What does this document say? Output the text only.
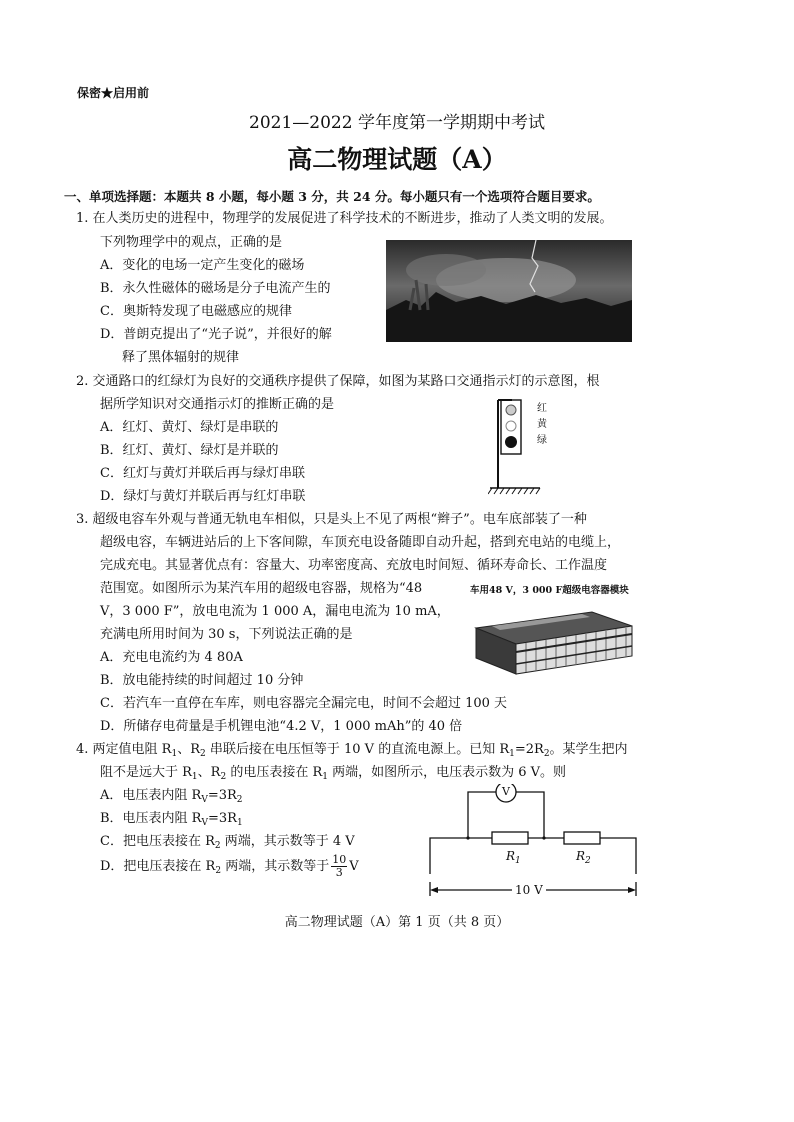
保密★启用前
2021—2022 学年度第一学期期中考试
高二物理试题（A）
一、单项选择题：本题共 8 小题，每小题 3 分，共 24 分。每小题只有一个选项符合题目要求。
1. 在人类历史的进程中，物理学的发展促进了科学技术的不断进步，推动了人类文明的发展。
下列物理学中的观点，正确的是
A．变化的电场一定产生变化的磁场
B．永久性磁体的磁场是分子电流产生的
C．奥斯特发现了电磁感应的规律
D．普朗克提出了“光子说”，并很好的解
释了黑体辐射的规律
2. 交通路口的红绿灯为良好的交通秩序提供了保障，如图为某路口交通指示灯的示意图，根
据所学知识对交通指示灯的推断正确的是
A．红灯、黄灯、绿灯是串联的
B．红灯、黄灯、绿灯是并联的
C．红灯与黄灯并联后再与绿灯串联
D．绿灯与黄灯并联后再与红灯串联
红
黄
绿
3. 超级电容车外观与普通无轨电车相似，只是头上不见了两根“辫子”。电车底部装了一种
超级电容，车辆进站后的上下客间隙，车顶充电设备随即自动升起，搭到充电站的电缆上，
完成充电。其显著优点有：容量大、功率密度高、充放电时间短、循环寿命长、工作温度
范围宽。如图所示为某汽车用的超级电容器，规格为“48
V，3 000 F”，放电电流为 1 000 A，漏电电流为 10 mA，
充满电所用时间为 30 s，下列说法正确的是
A．充电电流约为 4 80A
B．放电能持续的时间超过 10 分钟
C．若汽车一直停在车库，则电容器完全漏完电，时间不会超过 100 天
D．所储存电荷量是手机锂电池“4.2 V，1 000 mAh”的 40 倍
车用48 V，3 000 F超级电容器模块
4. 两定值电阻 $R_1$、$R_2$ 串联后接在电压恒等于 10 V 的直流电源上。已知 $R_1=2R_2$。某学生把内
阻不是远大于 $R_1$、$R_2$ 的电压表接在 $R_1$ 两端，如图所示，电压表示数为 6 V。则
A．电压表内阻 $R_V=3R_2$
B．电压表内阻 $R_V=3R_1$
C．把电压表接在 $R_2$ 两端，其示数等于 4 V
D．把电压表接在 $R_2$ 两端，其示数等于 $\frac{10}{3}$ V
V
$R_1$	$R_2$
10 V
高二物理试题（A）第 1 页（共 8 页）
